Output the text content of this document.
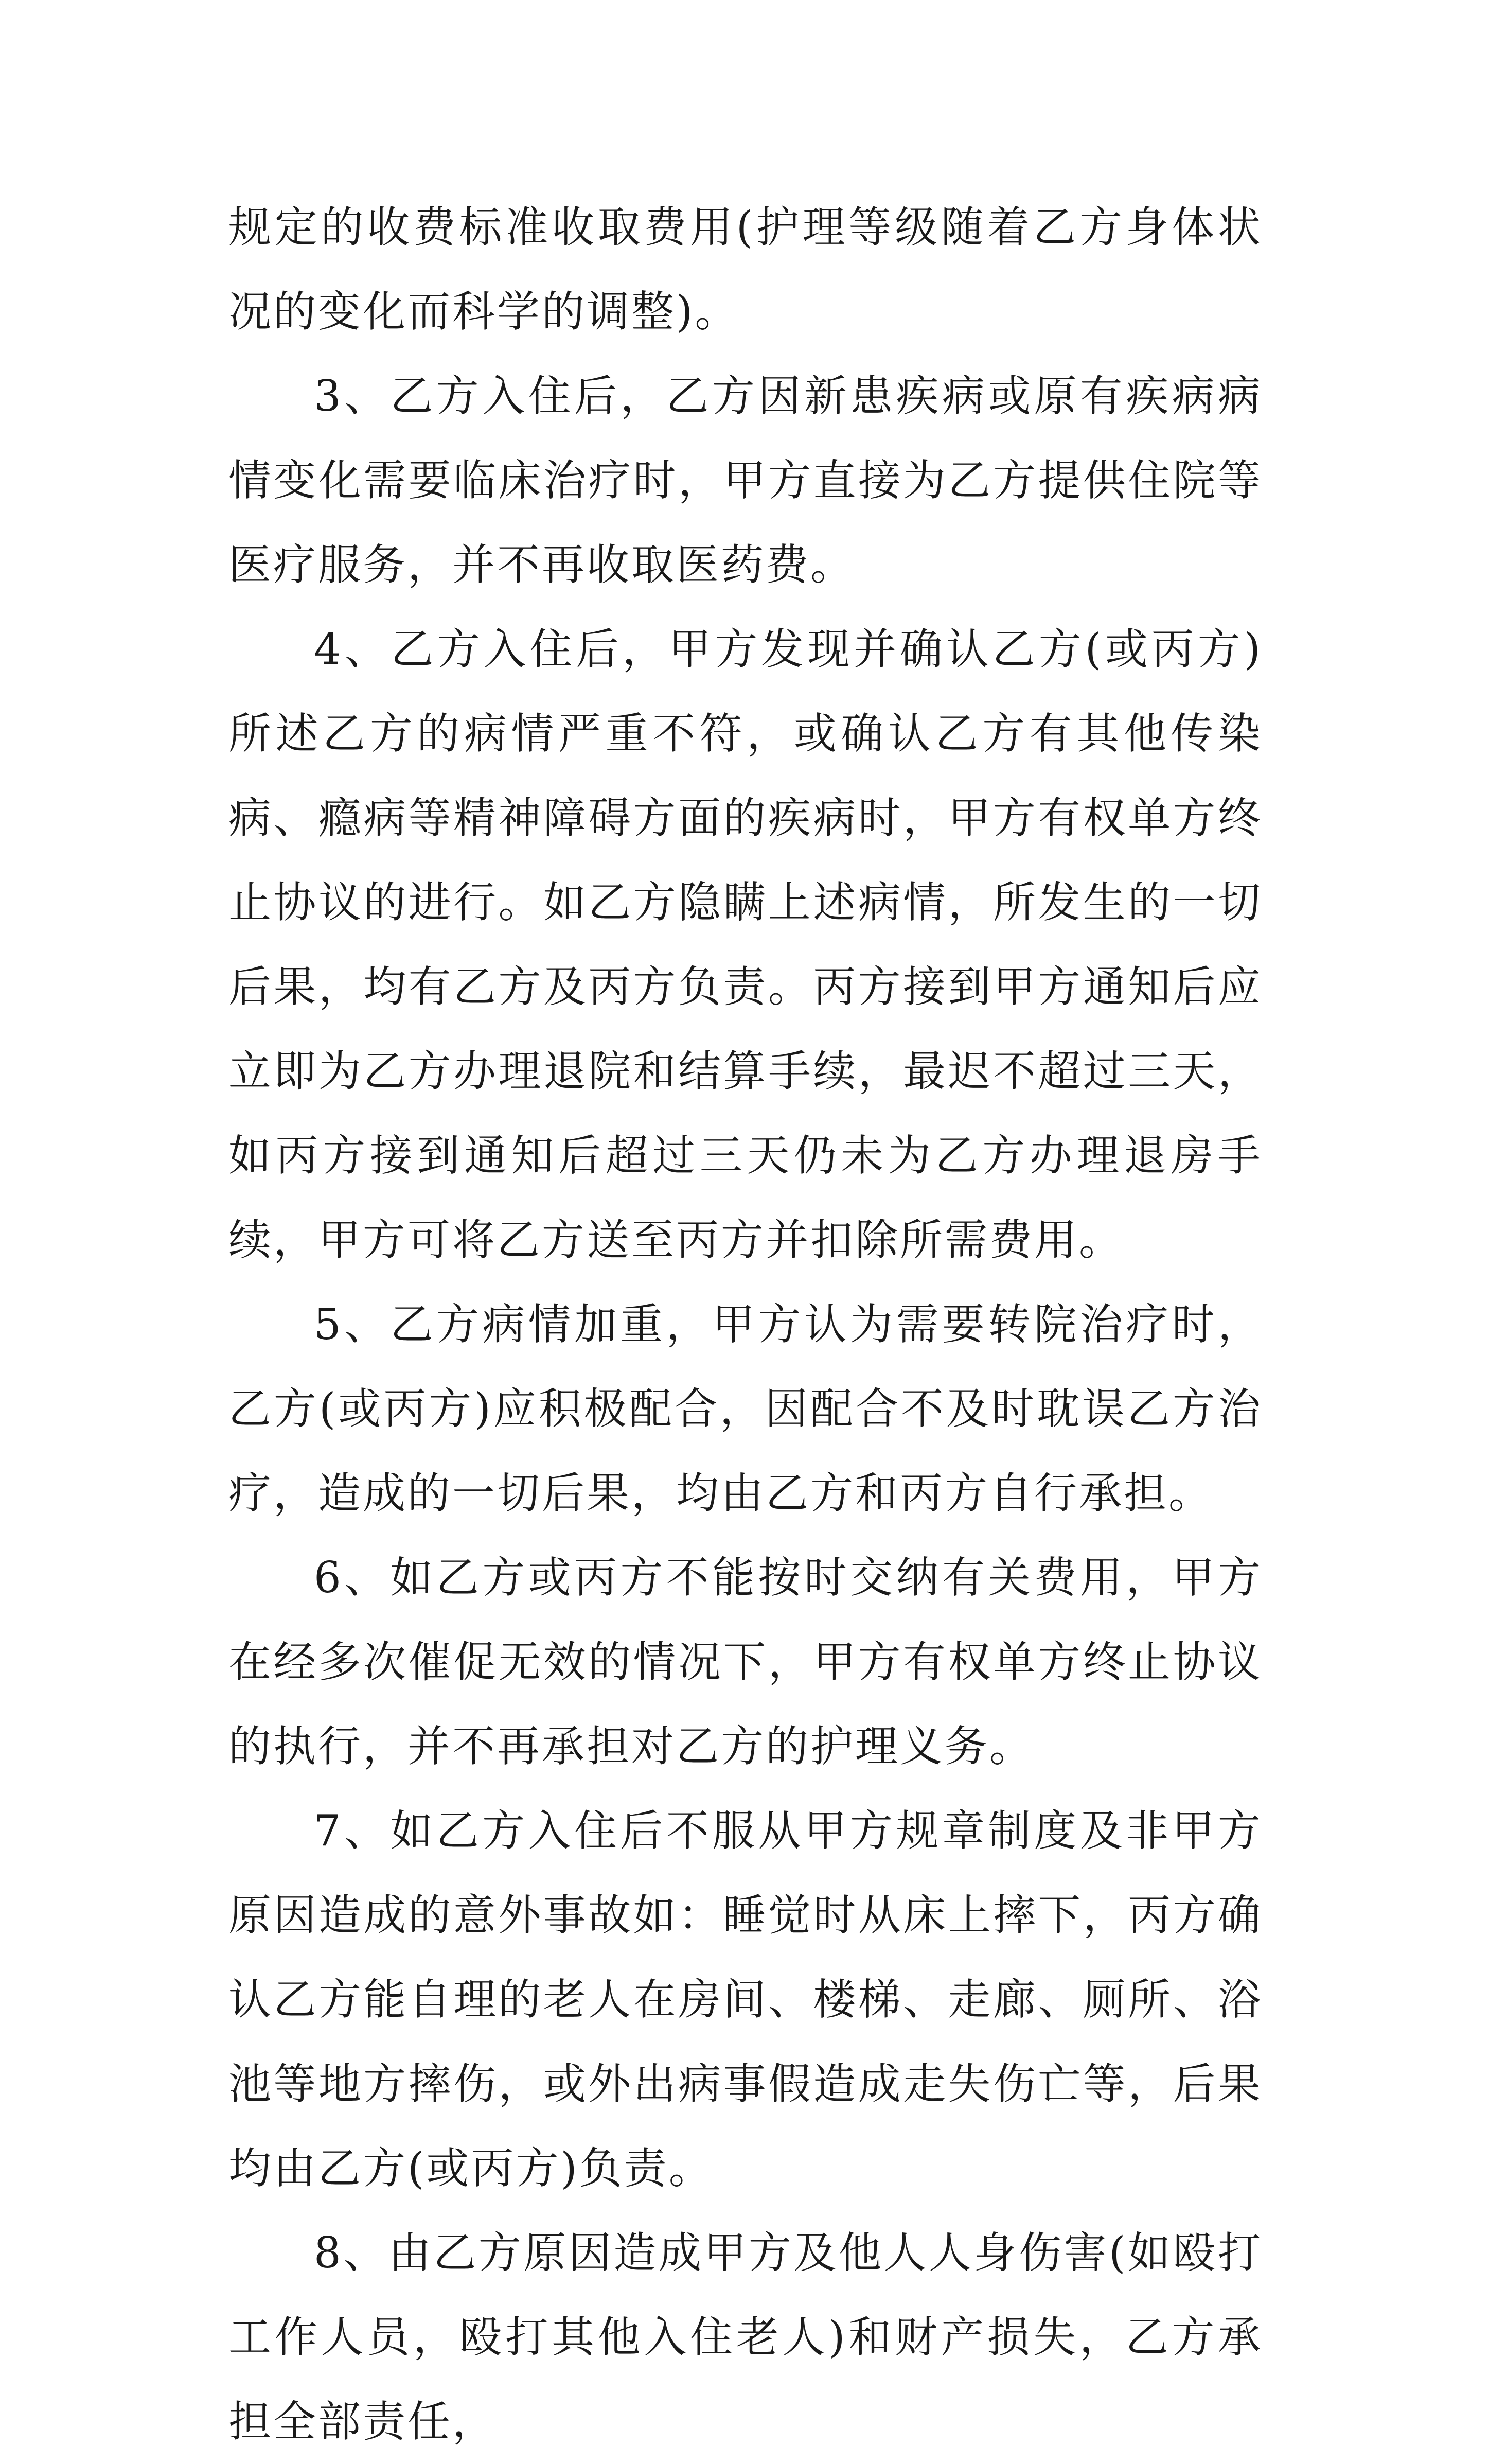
规定的收费标准收取费用(护理等级随着乙方身体状况的变化而科学的调整)。

3、乙方入住后，乙方因新患疾病或原有疾病病情变化需要临床治疗时，甲方直接为乙方提供住院等医疗服务，并不再收取医药费。

4、乙方入住后，甲方发现并确认乙方(或丙方)所述乙方的病情严重不符，或确认乙方有其他传染病、瘾病等精神障碍方面的疾病时，甲方有权单方终止协议的进行。如乙方隐瞒上述病情，所发生的一切后果，均有乙方及丙方负责。丙方接到甲方通知后应立即为乙方办理退院和结算手续，最迟不超过三天，如丙方接到通知后超过三天仍未为乙方办理退房手续，甲方可将乙方送至丙方并扣除所需费用。

5、乙方病情加重，甲方认为需要转院治疗时，乙方(或丙方)应积极配合，因配合不及时耽误乙方治疗，造成的一切后果，均由乙方和丙方自行承担。

6、如乙方或丙方不能按时交纳有关费用，甲方在经多次催促无效的情况下，甲方有权单方终止协议的执行，并不再承担对乙方的护理义务。

7、如乙方入住后不服从甲方规章制度及非甲方原因造成的意外事故如：睡觉时从床上摔下，丙方确认乙方能自理的老人在房间、楼梯、走廊、厕所、浴池等地方摔伤，或外出病事假造成走失伤亡等，后果均由乙方(或丙方)负责。

8、由乙方原因造成甲方及他人人身伤害(如殴打工作人员，殴打其他入住老人)和财产损失，乙方承担全部责任，
